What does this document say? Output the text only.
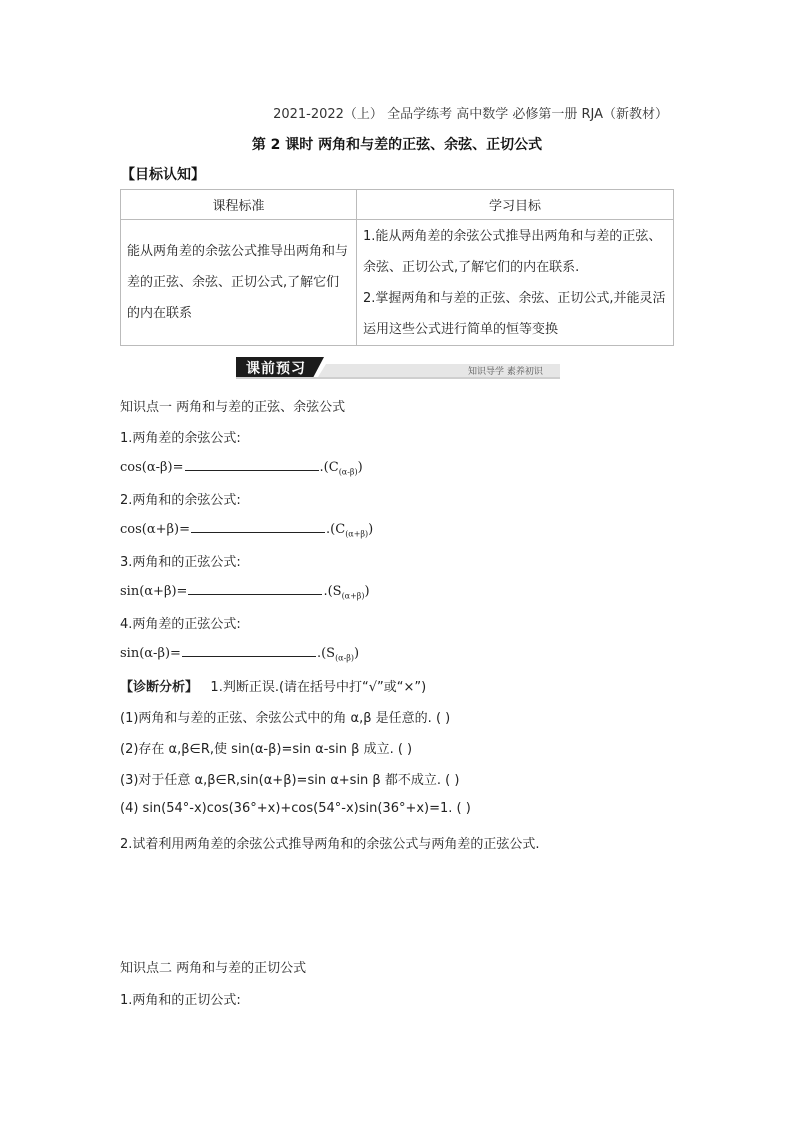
2021-2022（上） 全品学练考 高中数学 必修第一册 RJA（新教材）
第 2 课时 两角和与差的正弦、余弦、正切公式
【目标认知】
课程标准	学习目标
能从两角差的余弦公式推导出两角和与差的正弦、余弦、正切公式,了解它们的内在联系	1.能从两角差的余弦公式推导出两角和与差的正弦、余弦、正切公式,了解它们的内在联系.
2.掌握两角和与差的正弦、余弦、正切公式,并能灵活运用这些公式进行简单的恒等变换
课前预习	知识导学 素养初识
知识点一 两角和与差的正弦、余弦公式
1.两角差的余弦公式:
cos(α-β)=	$.(C_{(\alpha-\beta)})$
2.两角和的余弦公式:
cos(α+β)=	$.(C_{(\alpha+\beta)})$
3.两角和的正弦公式:
sin(α+β)=	$.(S_{(\alpha+\beta)})$
4.两角差的正弦公式:
sin(α-β)=	$.(S_{(\alpha-\beta)})$
【诊断分析】 1.判断正误.(请在括号中打“√”或“×”)
(1)两角和与差的正弦、余弦公式中的角 α,β 是任意的. ( )
(2)存在 α,β∈R,使 sin(α-β)=sin α-sin β 成立. ( )
(3)对于任意 α,β∈R,sin(α+β)=sin α+sin β 都不成立. ( )
(4) sin(54°-x)cos(36°+x)+cos(54°-x)sin(36°+x)=1. ( )
2.试着利用两角差的余弦公式推导两角和的余弦公式与两角差的正弦公式.
知识点二 两角和与差的正切公式
1.两角和的正切公式:
